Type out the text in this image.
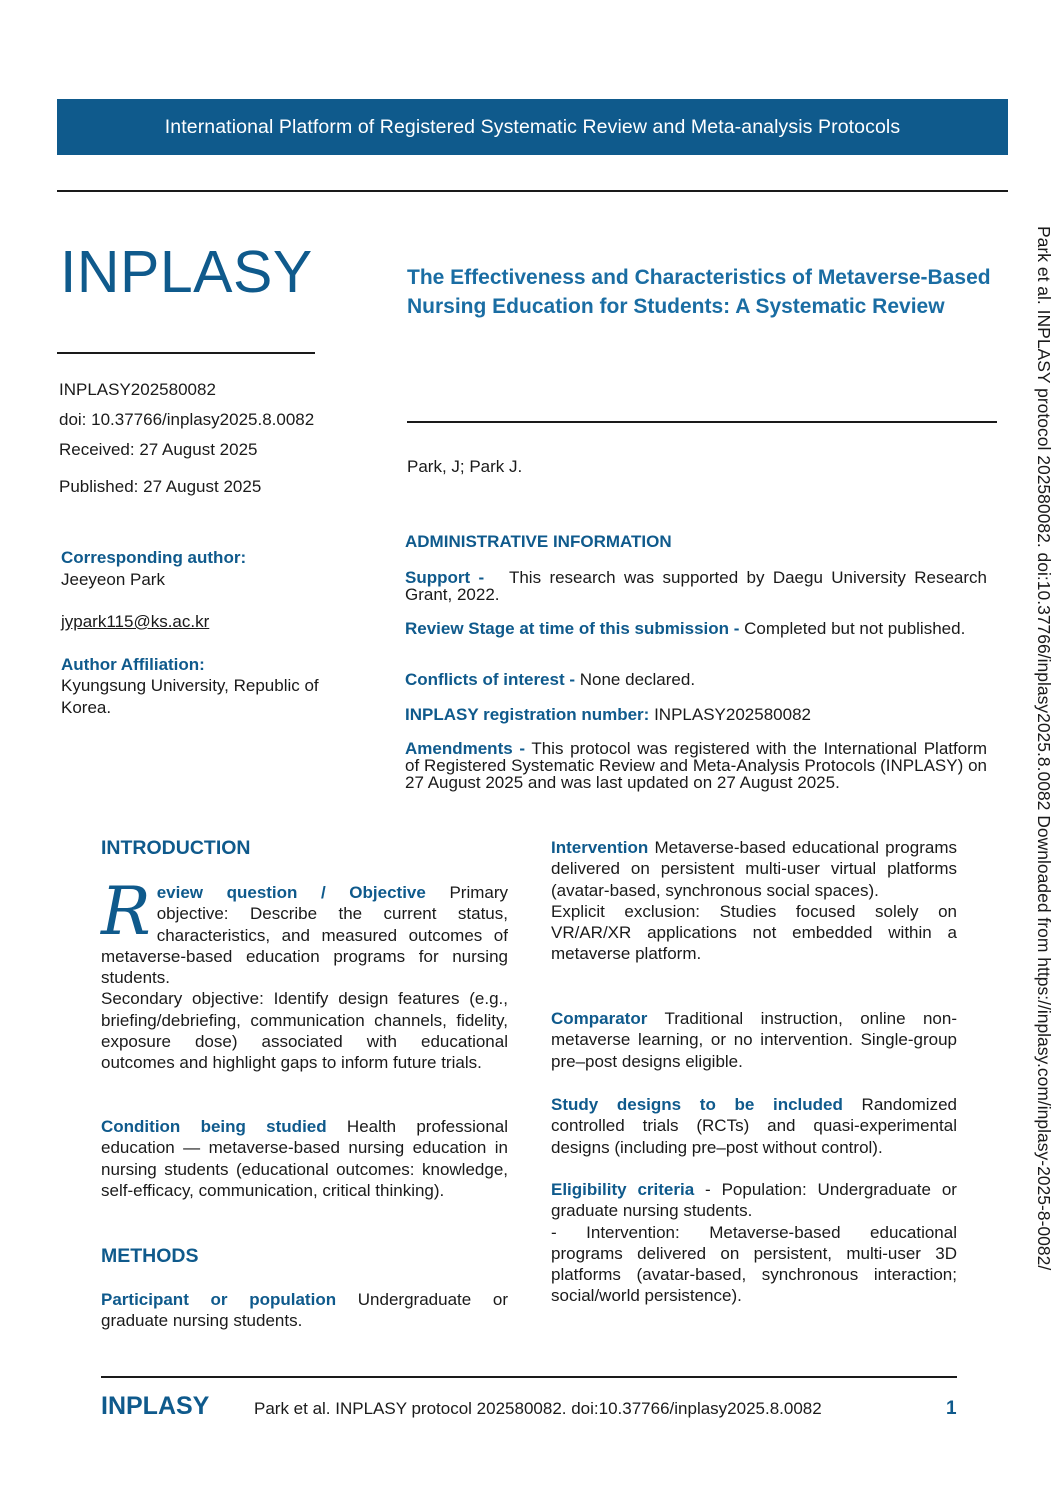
International Platform of Registered Systematic Review and Meta-analysis Protocols
INPLASY	The Effectiveness and Characteristics of Metaverse-Based Nursing Education for Students: A Systematic Review
INPLASY202580082
doi: 10.37766/inplasy2025.8.0082
Received: 27 August 2025
Published: 27 August 2025
Park, J; Park J.
Corresponding author:
Jeeyeon Park
jypark115@ks.ac.kr
Author Affiliation:
Kyungsung University, Republic of Korea.
ADMINISTRATIVE INFORMATION
Support - This research was supported by Daegu University Research Grant, 2022.
Review Stage at time of this submission - Completed but not published.
Conflicts of interest - None declared.
INPLASY registration number: INPLASY202580082
Amendments - This protocol was registered with the International Platform of Registered Systematic Review and Meta-Analysis Protocols (INPLASY) on 27 August 2025 and was last updated on 27 August 2025.
INTRODUCTION

Review question / Objective Primary objective: Describe the current status, characteristics, and measured outcomes of metaverse-based education programs for nursing students.

Secondary objective: Identify design features (e.g., briefing/debriefing, communication channels, fidelity, exposure dose) associated with educational outcomes and highlight gaps to inform future trials.

Condition being studied Health professional education — metaverse-based nursing education in nursing students (educational outcomes: knowledge, self-efficacy, communication, critical thinking).

METHODS

Participant or population Undergraduate or graduate nursing students.

Intervention Metaverse-based educational programs delivered on persistent multi-user virtual platforms (avatar-based, synchronous social spaces).

Explicit exclusion: Studies focused solely on VR/AR/XR applications not embedded within a metaverse platform.

Comparator Traditional instruction, online non-metaverse learning, or no intervention. Single-group pre–post designs eligible.

Study designs to be included Randomized controlled trials (RCTs) and quasi-experimental designs (including pre–post without control).

Eligibility criteria - Population: Undergraduate or graduate nursing students.

- Intervention: Metaverse-based educational programs delivered on persistent, multi-user 3D platforms (avatar-based, synchronous interaction; social/world persistence).

Park et al. INPLASY protocol 202580082. doi:10.37766/inplasy2025.8.0082 Downloaded from https://inplasy.com/inplasy-2025-8-0082/
INPLASY	Park et al. INPLASY protocol 202580082. doi:10.37766/inplasy2025.8.0082	1
